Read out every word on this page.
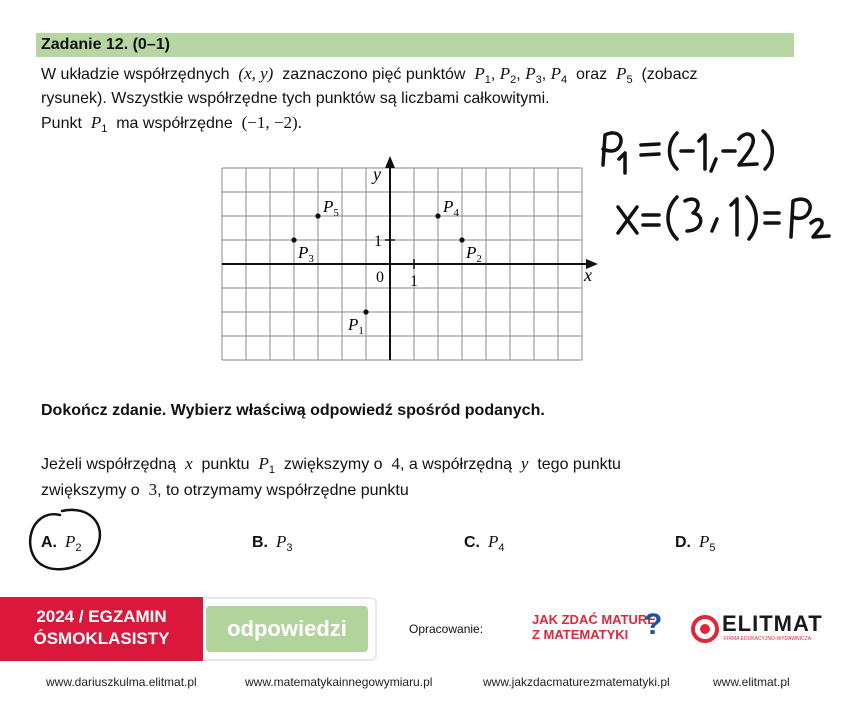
Zadanie 12. (0–1)
W układzie współrzędnych (x, y) zaznaczono pięć punktów $P_1$, $P_2$, $P_3$, $P_4$ oraz $P_5$ (zobacz
rysunek). Wszystkie współrzędne tych punktów są liczbami całkowitymi.
Punkt $P_1$ ma współrzędne (−1, −2).
$P_1$
$P_2$
$P_3$
$P_4$
$P_5$
x
y
0 1
1
Dokończ zdanie. Wybierz właściwą odpowiedź spośród podanych.
Jeżeli współrzędną x punktu $P_1$ zwiększymy o 4, a współrzędną y tego punktu
zwiększymy o 3, to otrzymamy współrzędne punktu
A. $P_2$	B. $P_3$	C. $P_4$	D. $P_5$
2024 / EGZAMIN
ÓSMOKLASISTY	odpowiedzi	Opracowanie:
JAK ZDAĆ MATURĘ
Z MATEMATYKI ?	ELITMAT
FIRMA EDUKACYJNO-WYDAWNICZA
www.dariuszkulma.elitmat.pl	www.matematykainnegowymiaru.pl	www.jakzdacmaturezmatematyki.pl	www.elitmat.pl
